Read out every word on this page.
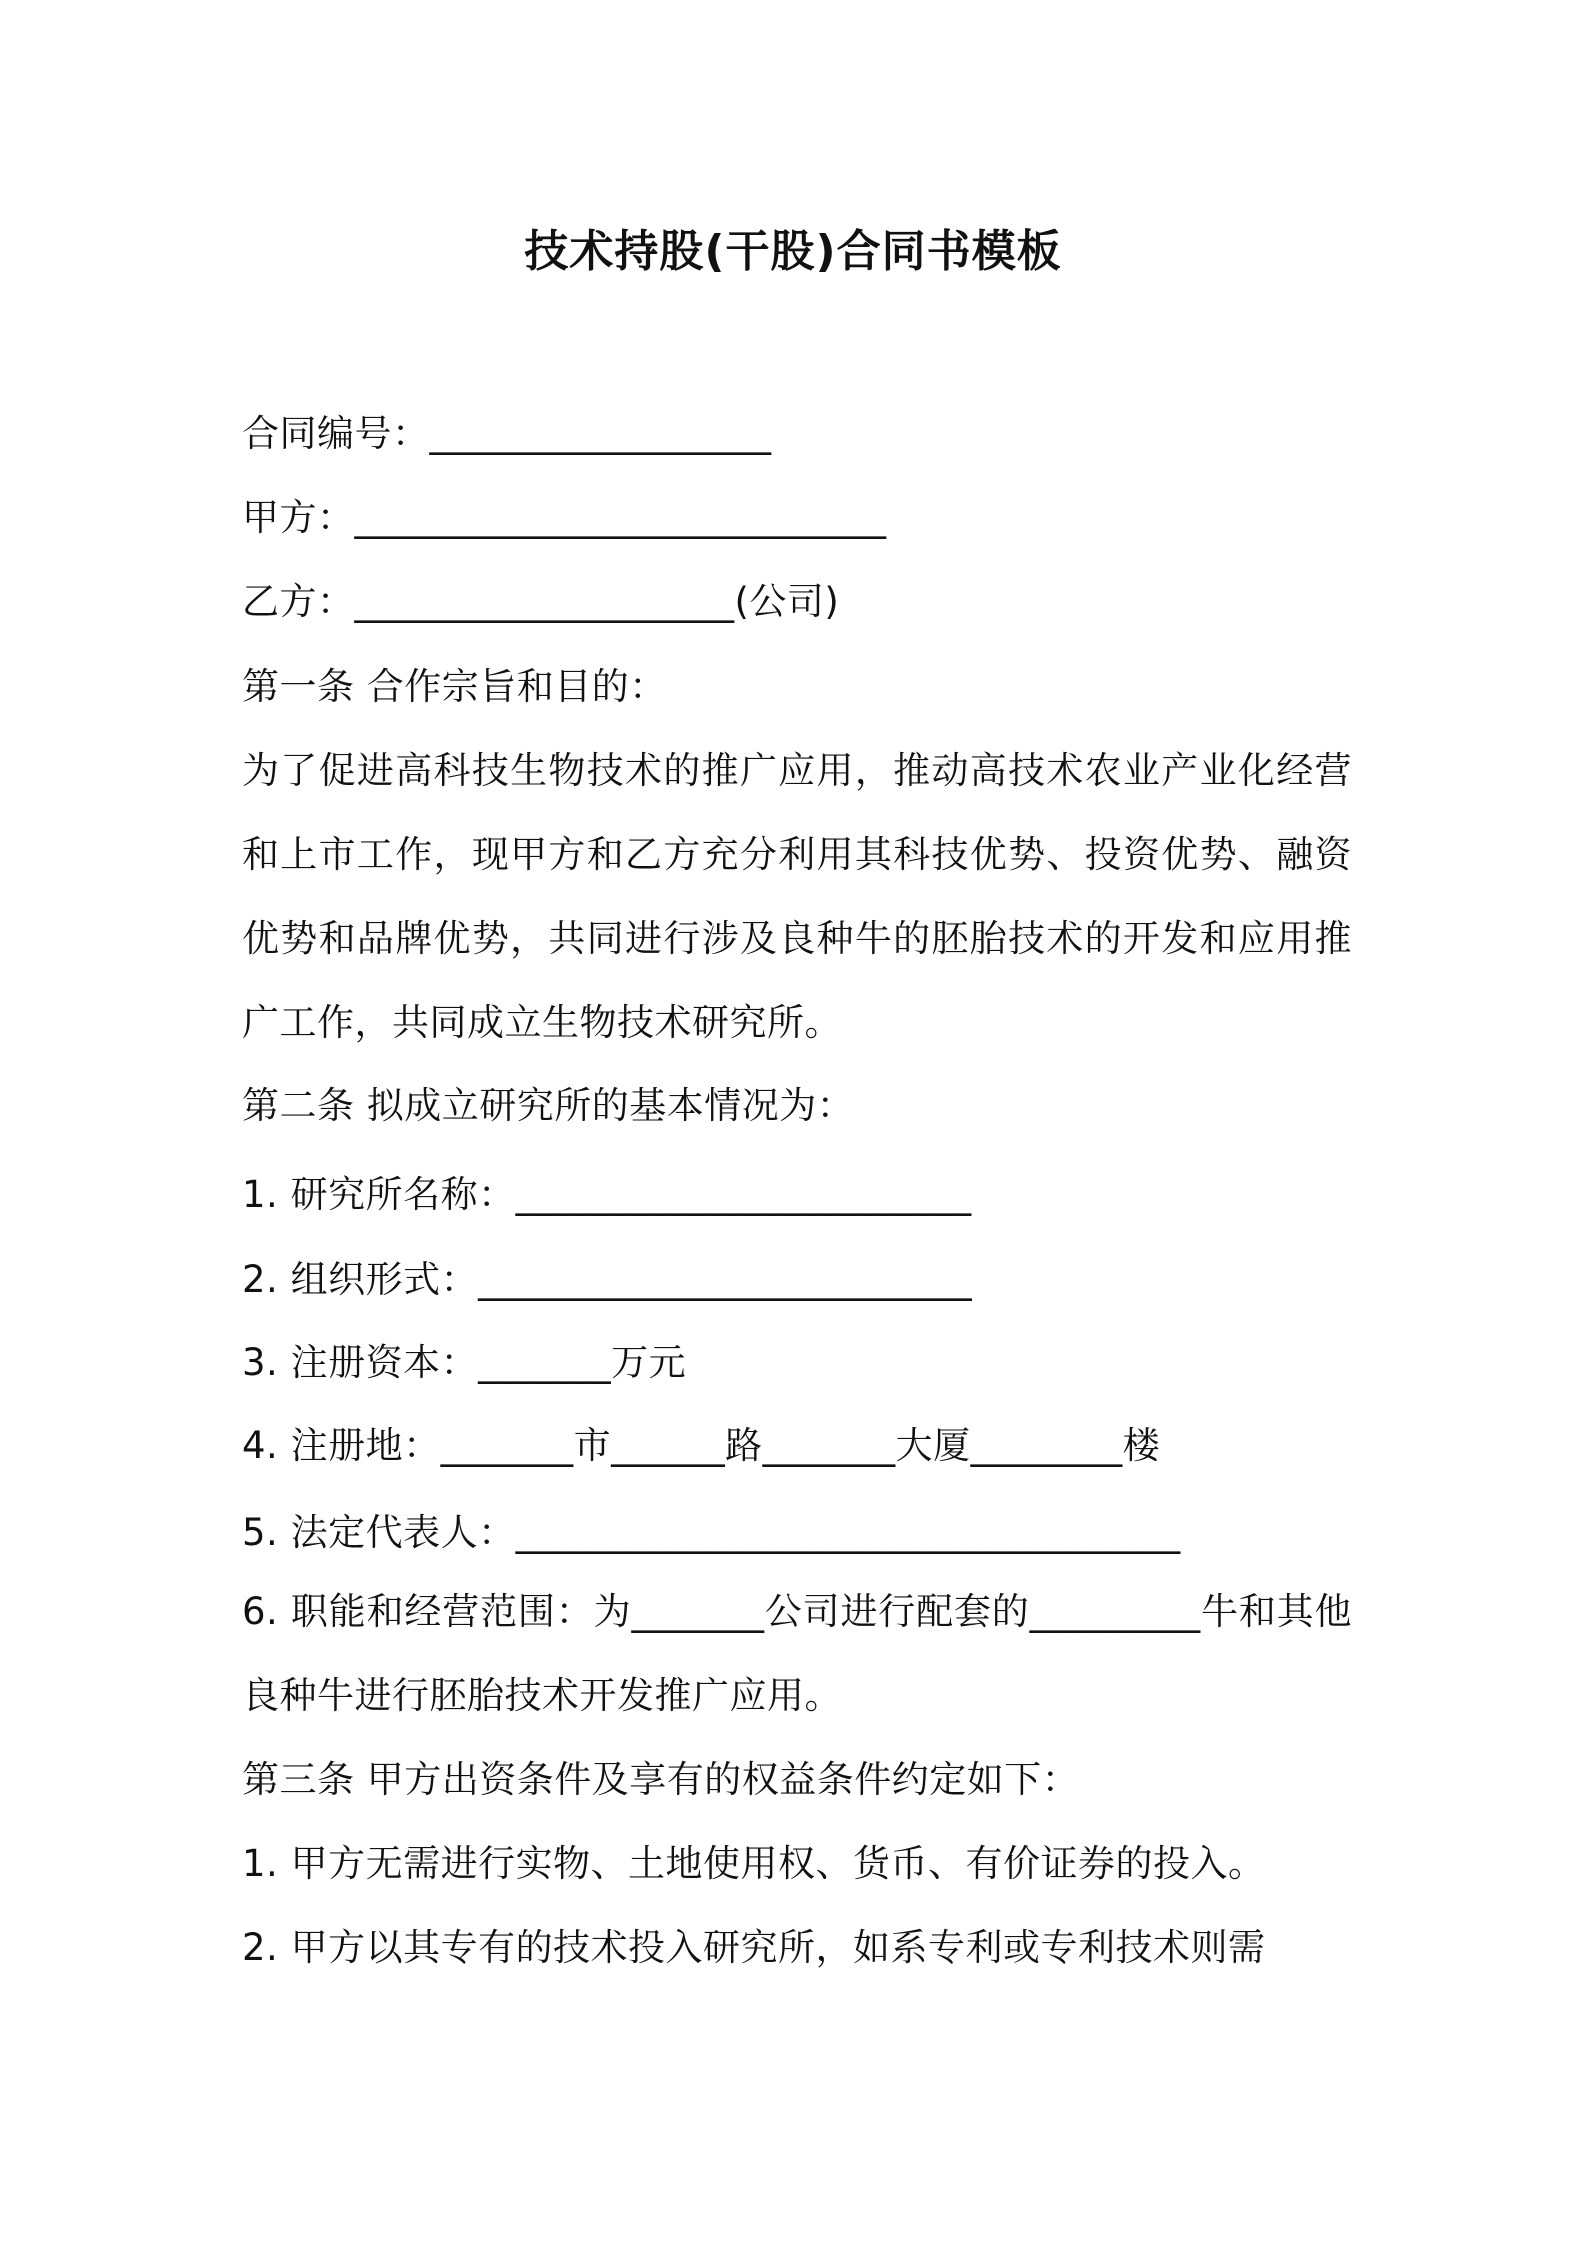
技术持股(干股)合同书模板
合同编号：__________________
甲方：____________________________
乙方：____________________(公司)
第一条 合作宗旨和目的：
为了促进高科技生物技术的推广应用，推动高技术农业产业化经营和上市工作，现甲方和乙方充分利用其科技优势、投资优势、融资优势和品牌优势，共同进行涉及良种牛的胚胎技术的开发和应用推广工作，共同成立生物技术研究所。
第二条 拟成立研究所的基本情况为：
1. 研究所名称：________________________
2. 组织形式：__________________________
3. 注册资本：_______万元
4. 注册地：_______市______路_______大厦________楼
5. 法定代表人：___________________________________
6. 职能和经营范围：为_______公司进行配套的_________牛和其他良种牛进行胚胎技术开发推广应用。
第三条 甲方出资条件及享有的权益条件约定如下：
1. 甲方无需进行实物、土地使用权、货币、有价证券的投入。
2. 甲方以其专有的技术投入研究所，如系专利或专利技术则需
